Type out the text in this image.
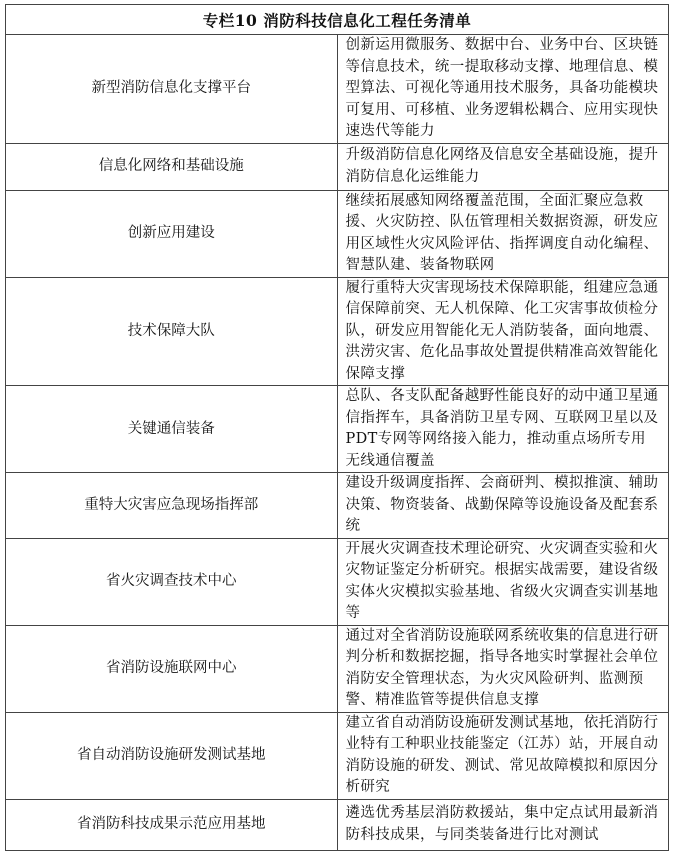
专栏10 消防科技信息化工程任务清单	
新型消防信息化支撑平台	创新运用微服务、数据中台、业务中台、区块链等信息技术，统一提取移动支撑、地理信息、模型算法、可视化等通用技术服务，具备功能模块可复用、可移植、业务逻辑松耦合、应用实现快速迭代等能力
信息化网络和基础设施	升级消防信息化网络及信息安全基础设施，提升消防信息化运维能力
创新应用建设	继续拓展感知网络覆盖范围，全面汇聚应急救援、火灾防控、队伍管理相关数据资源，研发应用区域性火灾风险评估、指挥调度自动化编程、智慧队建、装备物联网
技术保障大队	履行重特大灾害现场技术保障职能，组建应急通信保障前突、无人机保障、化工灾害事故侦检分队，研发应用智能化无人消防装备，面向地震、洪涝灾害、危化品事故处置提供精准高效智能化保障支撑
关键通信装备	总队、各支队配备越野性能良好的动中通卫星通信指挥车，具备消防卫星专网、互联网卫星以及PDT专网等网络接入能力，推动重点场所专用无线通信覆盖
重特大灾害应急现场指挥部	建设升级调度指挥、会商研判、模拟推演、辅助决策、物资装备、战勤保障等设施设备及配套系统
省火灾调查技术中心	开展火灾调查技术理论研究、火灾调查实验和火灾物证鉴定分析研究。根据实战需要，建设省级实体火灾模拟实验基地、省级火灾调查实训基地等
省消防设施联网中心	通过对全省消防设施联网系统收集的信息进行研判分析和数据挖掘，指导各地实时掌握社会单位消防安全管理状态，为火灾风险研判、监测预警、精准监管等提供信息支撑
省自动消防设施研发测试基地	建立省自动消防设施研发测试基地，依托消防行业特有工种职业技能鉴定（江苏）站，开展自动消防设施的研发、测试、常见故障模拟和原因分析研究
省消防科技成果示范应用基地	遴选优秀基层消防救援站，集中定点试用最新消防科技成果，与同类装备进行比对测试
